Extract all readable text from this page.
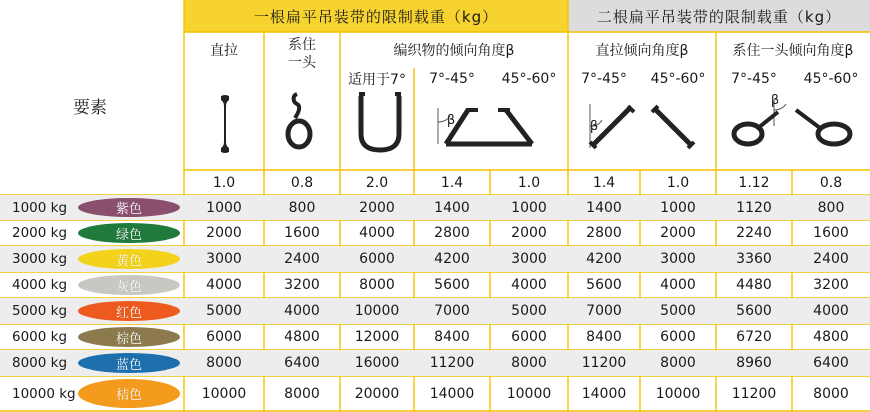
一根扁平吊装带的限制载重（kg）	二根扁平吊装带的限制载重（kg）
要素
直拉	系住
一头
编织物的倾向角度β	直拉倾向角度β	系住一头倾向角度β
适用于7°	7°-45°	45°-60°	7°-45°	45°-60°	7°-45°	45°-60°
β	β
β
1.0	0.8	2.0	1.4	1.0	1.4	1.0	1.12	0.8
1000 kg	紫色	1000	800	2000	1400	1000	1400	1000	1120	800
2000 kg	绿色	2000	1600	4000	2800	2000	2800	2000	2240	1600
3000 kg	黄色	3000	2400	6000	4200	3000	4200	3000	3360	2400
4000 kg	灰色	4000	3200	8000	5600	4000	5600	4000	4480	3200
5000 kg	红色	5000	4000	10000	7000	5000	7000	5000	5600	4000
6000 kg	棕色	6000	4800	12000	8400	6000	8400	6000	6720	4800
8000 kg	蓝色	8000	6400	16000	11200	8000	11200	8000	8960	6400
10000 kg	桔色	10000	8000	20000	14000	10000	14000	10000	11200	8000
